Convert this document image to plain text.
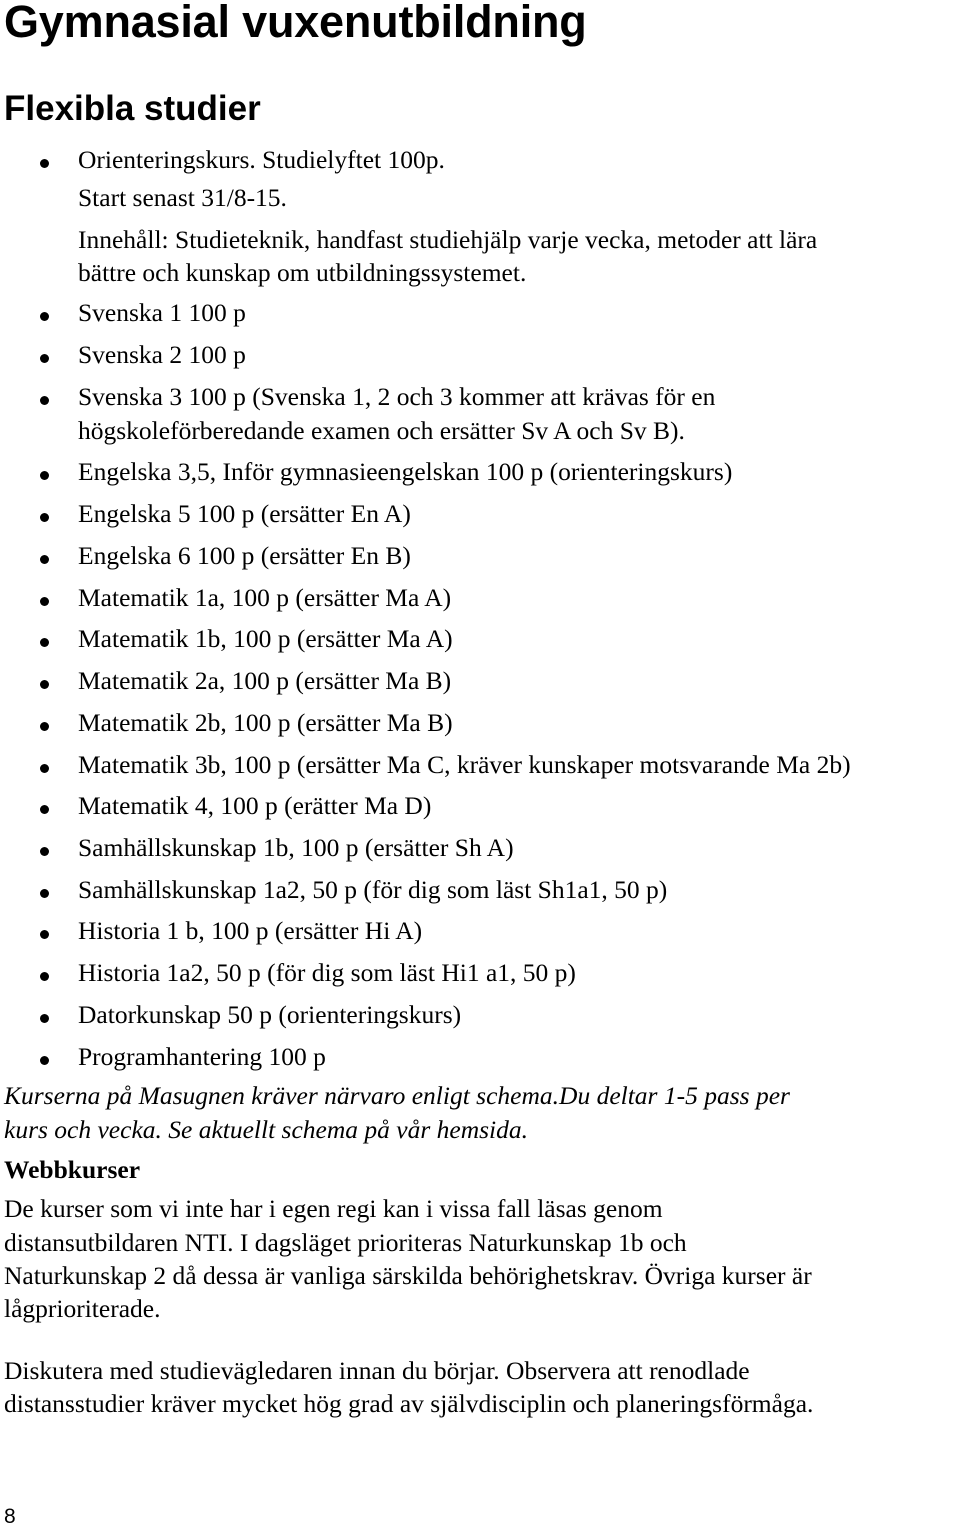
Gymnasial vuxenutbildning
Flexibla studier
Orienteringskurs. Studielyftet 100p.
Start senast 31/8-15.
Innehåll: Studieteknik, handfast studiehjälp varje vecka, metoder att lära
bättre och kunskap om utbildningssystemet.
Svenska 1 100 p
Svenska 2 100 p
Svenska 3 100 p (Svenska 1, 2 och 3 kommer att krävas för en
högskoleförberedande examen och ersätter Sv A och Sv B).
Engelska 3,5, Inför gymnasieengelskan 100 p (orienteringskurs)
Engelska 5 100 p (ersätter En A)
Engelska 6 100 p (ersätter En B)
Matematik 1a, 100 p (ersätter Ma A)
Matematik 1b, 100 p (ersätter Ma A)
Matematik 2a, 100 p (ersätter Ma B)
Matematik 2b, 100 p (ersätter Ma B)
Matematik 3b, 100 p (ersätter Ma C, kräver kunskaper motsvarande Ma 2b)
Matematik 4, 100 p (erätter Ma D)
Samhällskunskap 1b, 100 p (ersätter Sh A)
Samhällskunskap 1a2, 50 p (för dig som läst Sh1a1, 50 p)
Historia 1 b, 100 p (ersätter Hi A)
Historia 1a2, 50 p (för dig som läst Hi1 a1, 50 p)
Datorkunskap 50 p (orienteringskurs)
Programhantering 100 p
Kurserna på Masugnen kräver närvaro enligt schema.Du deltar 1-5 pass per
kurs och vecka. Se aktuellt schema på vår hemsida.
Webbkurser
De kurser som vi inte har i egen regi kan i vissa fall läsas genom
distansutbildaren NTI. I dagsläget prioriteras Naturkunskap 1b och
Naturkunskap 2 då dessa är vanliga särskilda behörighetskrav. Övriga kurser är
lågprioriterade.
Diskutera med studievägledaren innan du börjar. Observera att renodlade
distansstudier kräver mycket hög grad av självdisciplin och planeringsförmåga.
8
